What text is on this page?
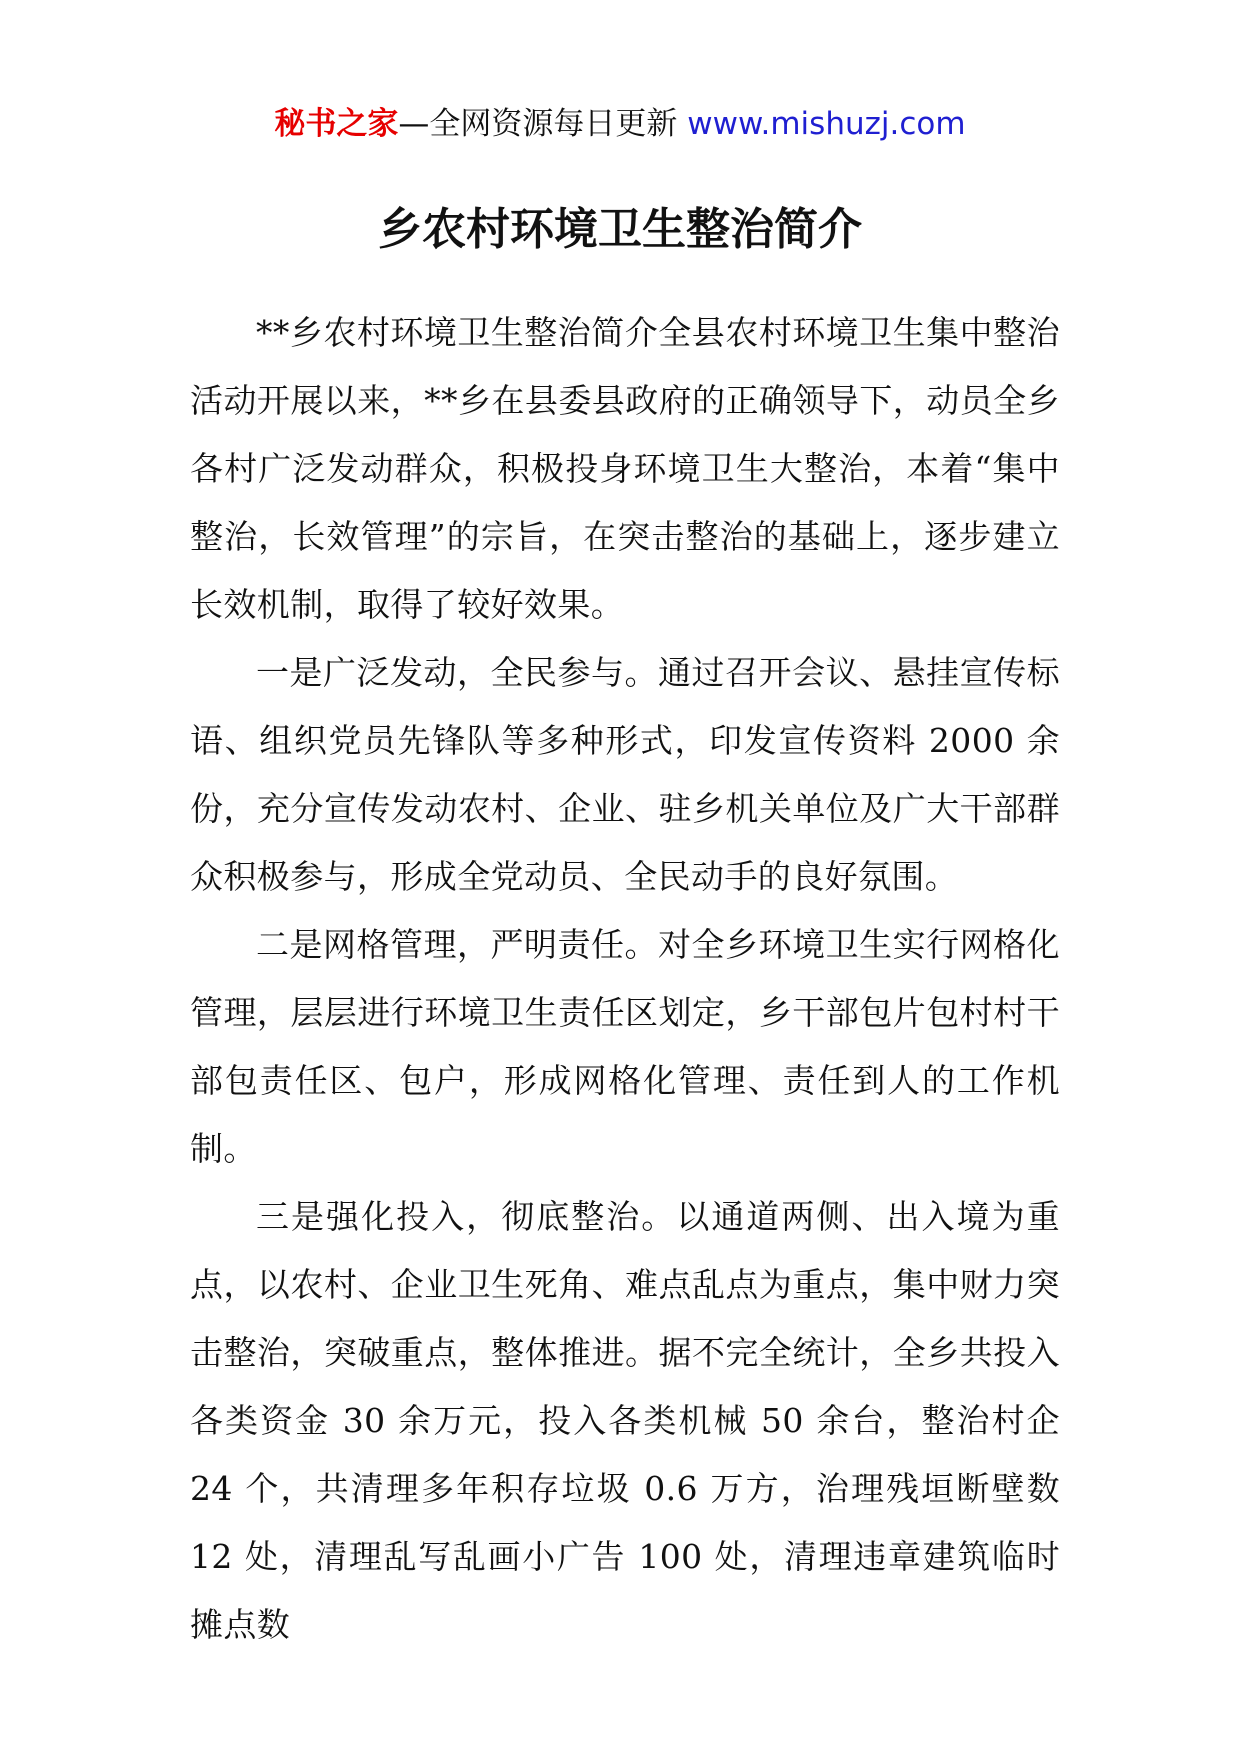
秘书之家—全网资源每日更新 www.mishuzj.com
乡农村环境卫生整治简介

**乡农村环境卫生整治简介全县农村环境卫生集中整治活动开展以来，**乡在县委县政府的正确领导下，动员全乡各村广泛发动群众，积极投身环境卫生大整治，本着“集中整治，长效管理”的宗旨，在突击整治的基础上，逐步建立长效机制，取得了较好效果。

一是广泛发动，全民参与。通过召开会议、悬挂宣传标语、组织党员先锋队等多种形式，印发宣传资料 2000 余份，充分宣传发动农村、企业、驻乡机关单位及广大干部群众积极参与，形成全党动员、全民动手的良好氛围。

二是网格管理，严明责任。对全乡环境卫生实行网格化管理，层层进行环境卫生责任区划定，乡干部包片包村村干部包责任区、包户，形成网格化管理、责任到人的工作机制。

三是强化投入，彻底整治。以通道两侧、出入境为重点，以农村、企业卫生死角、难点乱点为重点，集中财力突击整治，突破重点，整体推进。据不完全统计，全乡共投入各类资金 30 余万元，投入各类机械 50 余台，整治村企 24 个，共清理多年积存垃圾 0.6 万方，治理残垣断壁数 12 处，清理乱写乱画小广告 100 处，清理违章建筑临时摊点数
